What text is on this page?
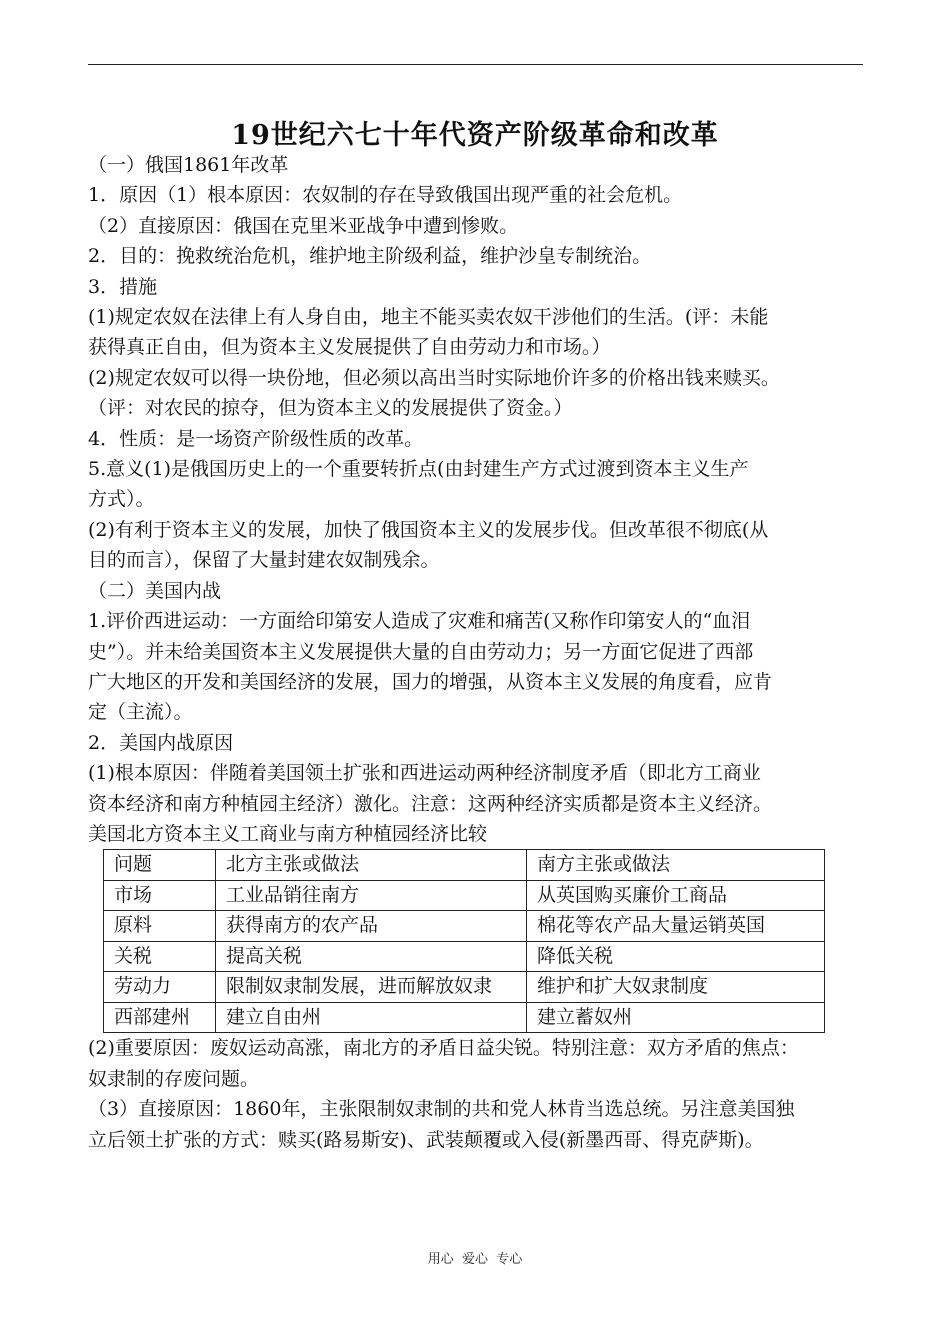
19世纪六七十年代资产阶级革命和改革

（一）俄国1861年改革

1．原因（1）根本原因：农奴制的存在导致俄国出现严重的社会危机。

（2）直接原因：俄国在克里米亚战争中遭到惨败。

2．目的：挽救统治危机，维护地主阶级利益，维护沙皇专制统治。

3．措施

(1)规定农奴在法律上有人身自由，地主不能买卖农奴干涉他们的生活。(评：未能

获得真正自由，但为资本主义发展提供了自由劳动力和市场。）

(2)规定农奴可以得一块份地，但必须以高出当时实际地价许多的价格出钱来赎买。

（评：对农民的掠夺，但为资本主义的发展提供了资金。）

4．性质：是一场资产阶级性质的改革。

5.意义(1)是俄国历史上的一个重要转折点(由封建生产方式过渡到资本主义生产

方式）。

(2)有利于资本主义的发展，加快了俄国资本主义的发展步伐。但改革很不彻底(从

目的而言），保留了大量封建农奴制残余。

（二）美国内战

1.评价西进运动：一方面给印第安人造成了灾难和痛苦(又称作印第安人的“血泪

史”）。并未给美国资本主义发展提供大量的自由劳动力；另一方面它促进了西部

广大地区的开发和美国经济的发展，国力的增强，从资本主义发展的角度看，应肯

定（主流）。

2．美国内战原因

(1)根本原因：伴随着美国领土扩张和西进运动两种经济制度矛盾（即北方工商业

资本经济和南方种植园主经济）激化。注意：这两种经济实质都是资本主义经济。

美国北方资本主义工商业与南方种植园经济比较

问题	北方主张或做法	南方主张或做法
市场	工业品销往南方	从英国购买廉价工商品
原料	获得南方的农产品	棉花等农产品大量运销英国
关税	提高关税	降低关税
劳动力	限制奴隶制发展，进而解放奴隶	维护和扩大奴隶制度
西部建州	建立自由州	建立蓄奴州

(2)重要原因：废奴运动高涨，南北方的矛盾日益尖锐。特别注意：双方矛盾的焦点：

奴隶制的存废问题。

（3）直接原因：1860年，主张限制奴隶制的共和党人林肯当选总统。另注意美国独

立后领土扩张的方式：赎买(路易斯安)、武装颠覆或入侵(新墨西哥、得克萨斯)。

用心  爱心  专心
